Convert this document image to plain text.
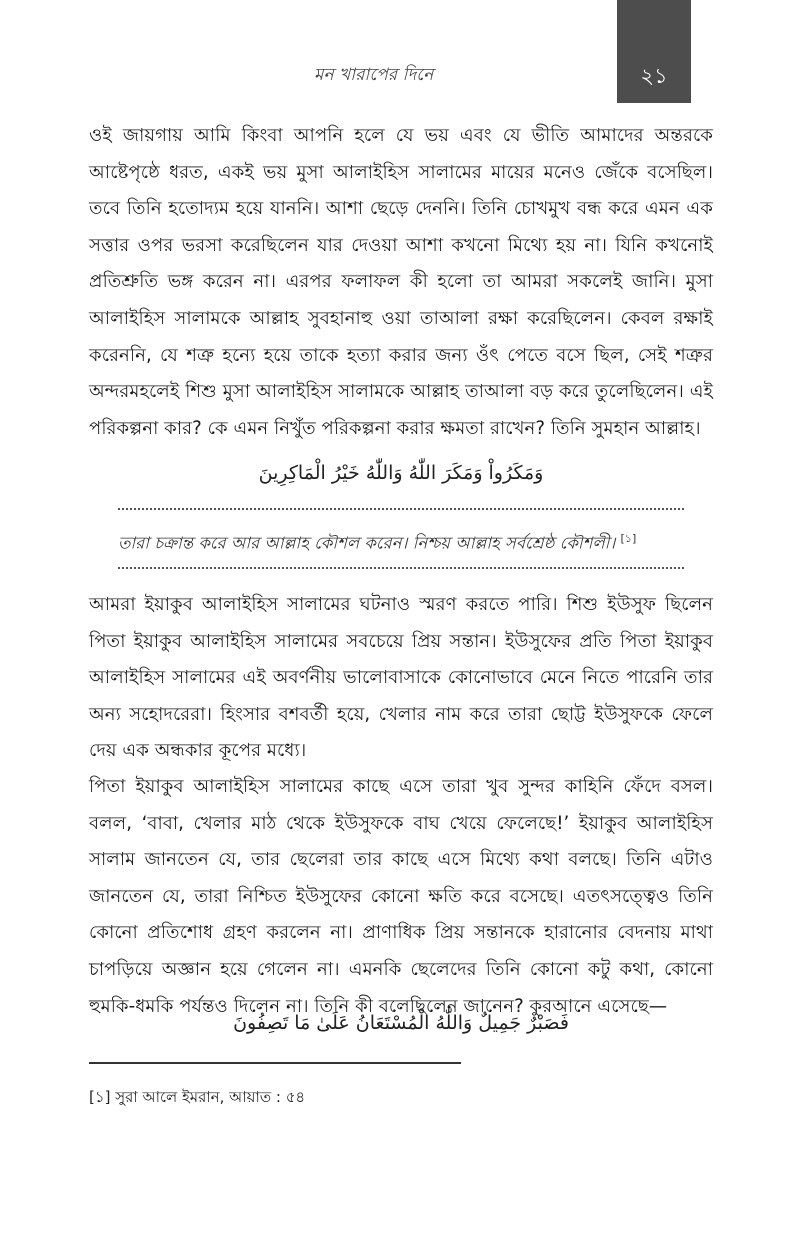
মন খারাপের দিনে	২১

ওই জায়গায় আমি কিংবা আপনি হলে যে ভয় এবং যে ভীতি আমাদের অন্তরকে আষ্টেপৃষ্ঠে ধরত, একই ভয় মুসা আলাইহিস সালামের মায়ের মনেও জেঁকে বসেছিল। তবে তিনি হতোদ্যম হয়ে যাননি। আশা ছেড়ে দেননি। তিনি চোখমুখ বন্ধ করে এমন এক সত্তার ওপর ভরসা করেছিলেন যার দেওয়া আশা কখনো মিথ্যে হয় না। যিনি কখনোই প্রতিশ্রুতি ভঙ্গ করেন না। এরপর ফলাফল কী হলো তা আমরা সকলেই জানি। মুসা আলাইহিস সালামকে আল্লাহ সুবহানাহু ওয়া তাআলা রক্ষা করেছিলেন। কেবল রক্ষাই করেননি, যে শত্রু হন্যে হয়ে তাকে হত্যা করার জন্য ওঁৎ পেতে বসে ছিল, সেই শত্রুর অন্দরমহলেই শিশু মুসা আলাইহিস সালামকে আল্লাহ তাআলা বড় করে তুলেছিলেন। এই পরিকল্পনা কার? কে এমন নিখুঁত পরিকল্পনা করার ক্ষমতা রাখেন? তিনি সুমহান আল্লাহ।

وَمَكَرُواْ وَمَكَرَ اللّٰهُ وَاللّٰهُ خَيْرُ الْمَاكِرِينَ
তারা চক্রান্ত করে আর আল্লাহ কৌশল করেন। নিশ্চয় আল্লাহ সর্বশ্রেষ্ঠ কৌশলী। [১]

আমরা ইয়াকুব আলাইহিস সালামের ঘটনাও স্মরণ করতে পারি। শিশু ইউসুফ ছিলেন পিতা ইয়াকুব আলাইহিস সালামের সবচেয়ে প্রিয় সন্তান। ইউসুফের প্রতি পিতা ইয়াকুব আলাইহিস সালামের এই অবর্ণনীয় ভালোবাসাকে কোনোভাবে মেনে নিতে পারেনি তার অন্য সহোদরেরা। হিংসার বশবর্তী হয়ে, খেলার নাম করে তারা ছোট্ট ইউসুফকে ফেলে দেয় এক অন্ধকার কূপের মধ্যে।

পিতা ইয়াকুব আলাইহিস সালামের কাছে এসে তারা খুব সুন্দর কাহিনি ফেঁদে বসল। বলল, ‘বাবা, খেলার মাঠ থেকে ইউসুফকে বাঘ খেয়ে ফেলেছে!’ ইয়াকুব আলাইহিস সালাম জানতেন যে, তার ছেলেরা তার কাছে এসে মিথ্যে কথা বলছে। তিনি এটাও জানতেন যে, তারা নিশ্চিত ইউসুফের কোনো ক্ষতি করে বসেছে। এতৎসত্ত্বেও তিনি কোনো প্রতিশোধ গ্রহণ করলেন না। প্রাণাধিক প্রিয় সন্তানকে হারানোর বেদনায় মাথা চাপড়িয়ে অজ্ঞান হয়ে গেলেন না। এমনকি ছেলেদের তিনি কোনো কটু কথা, কোনো হুমকি-ধমকি পর্যন্তও দিলেন না। তিনি কী বলেছিলেন জানেন? কুরআনে এসেছে—

فَصَبْرٌ جَمِيلٌ وَاللّٰهُ الْمُسْتَعَانُ عَلَىٰ مَا تَصِفُونَ
[১] সুরা আলে ইমরান, আয়াত : ৫৪
